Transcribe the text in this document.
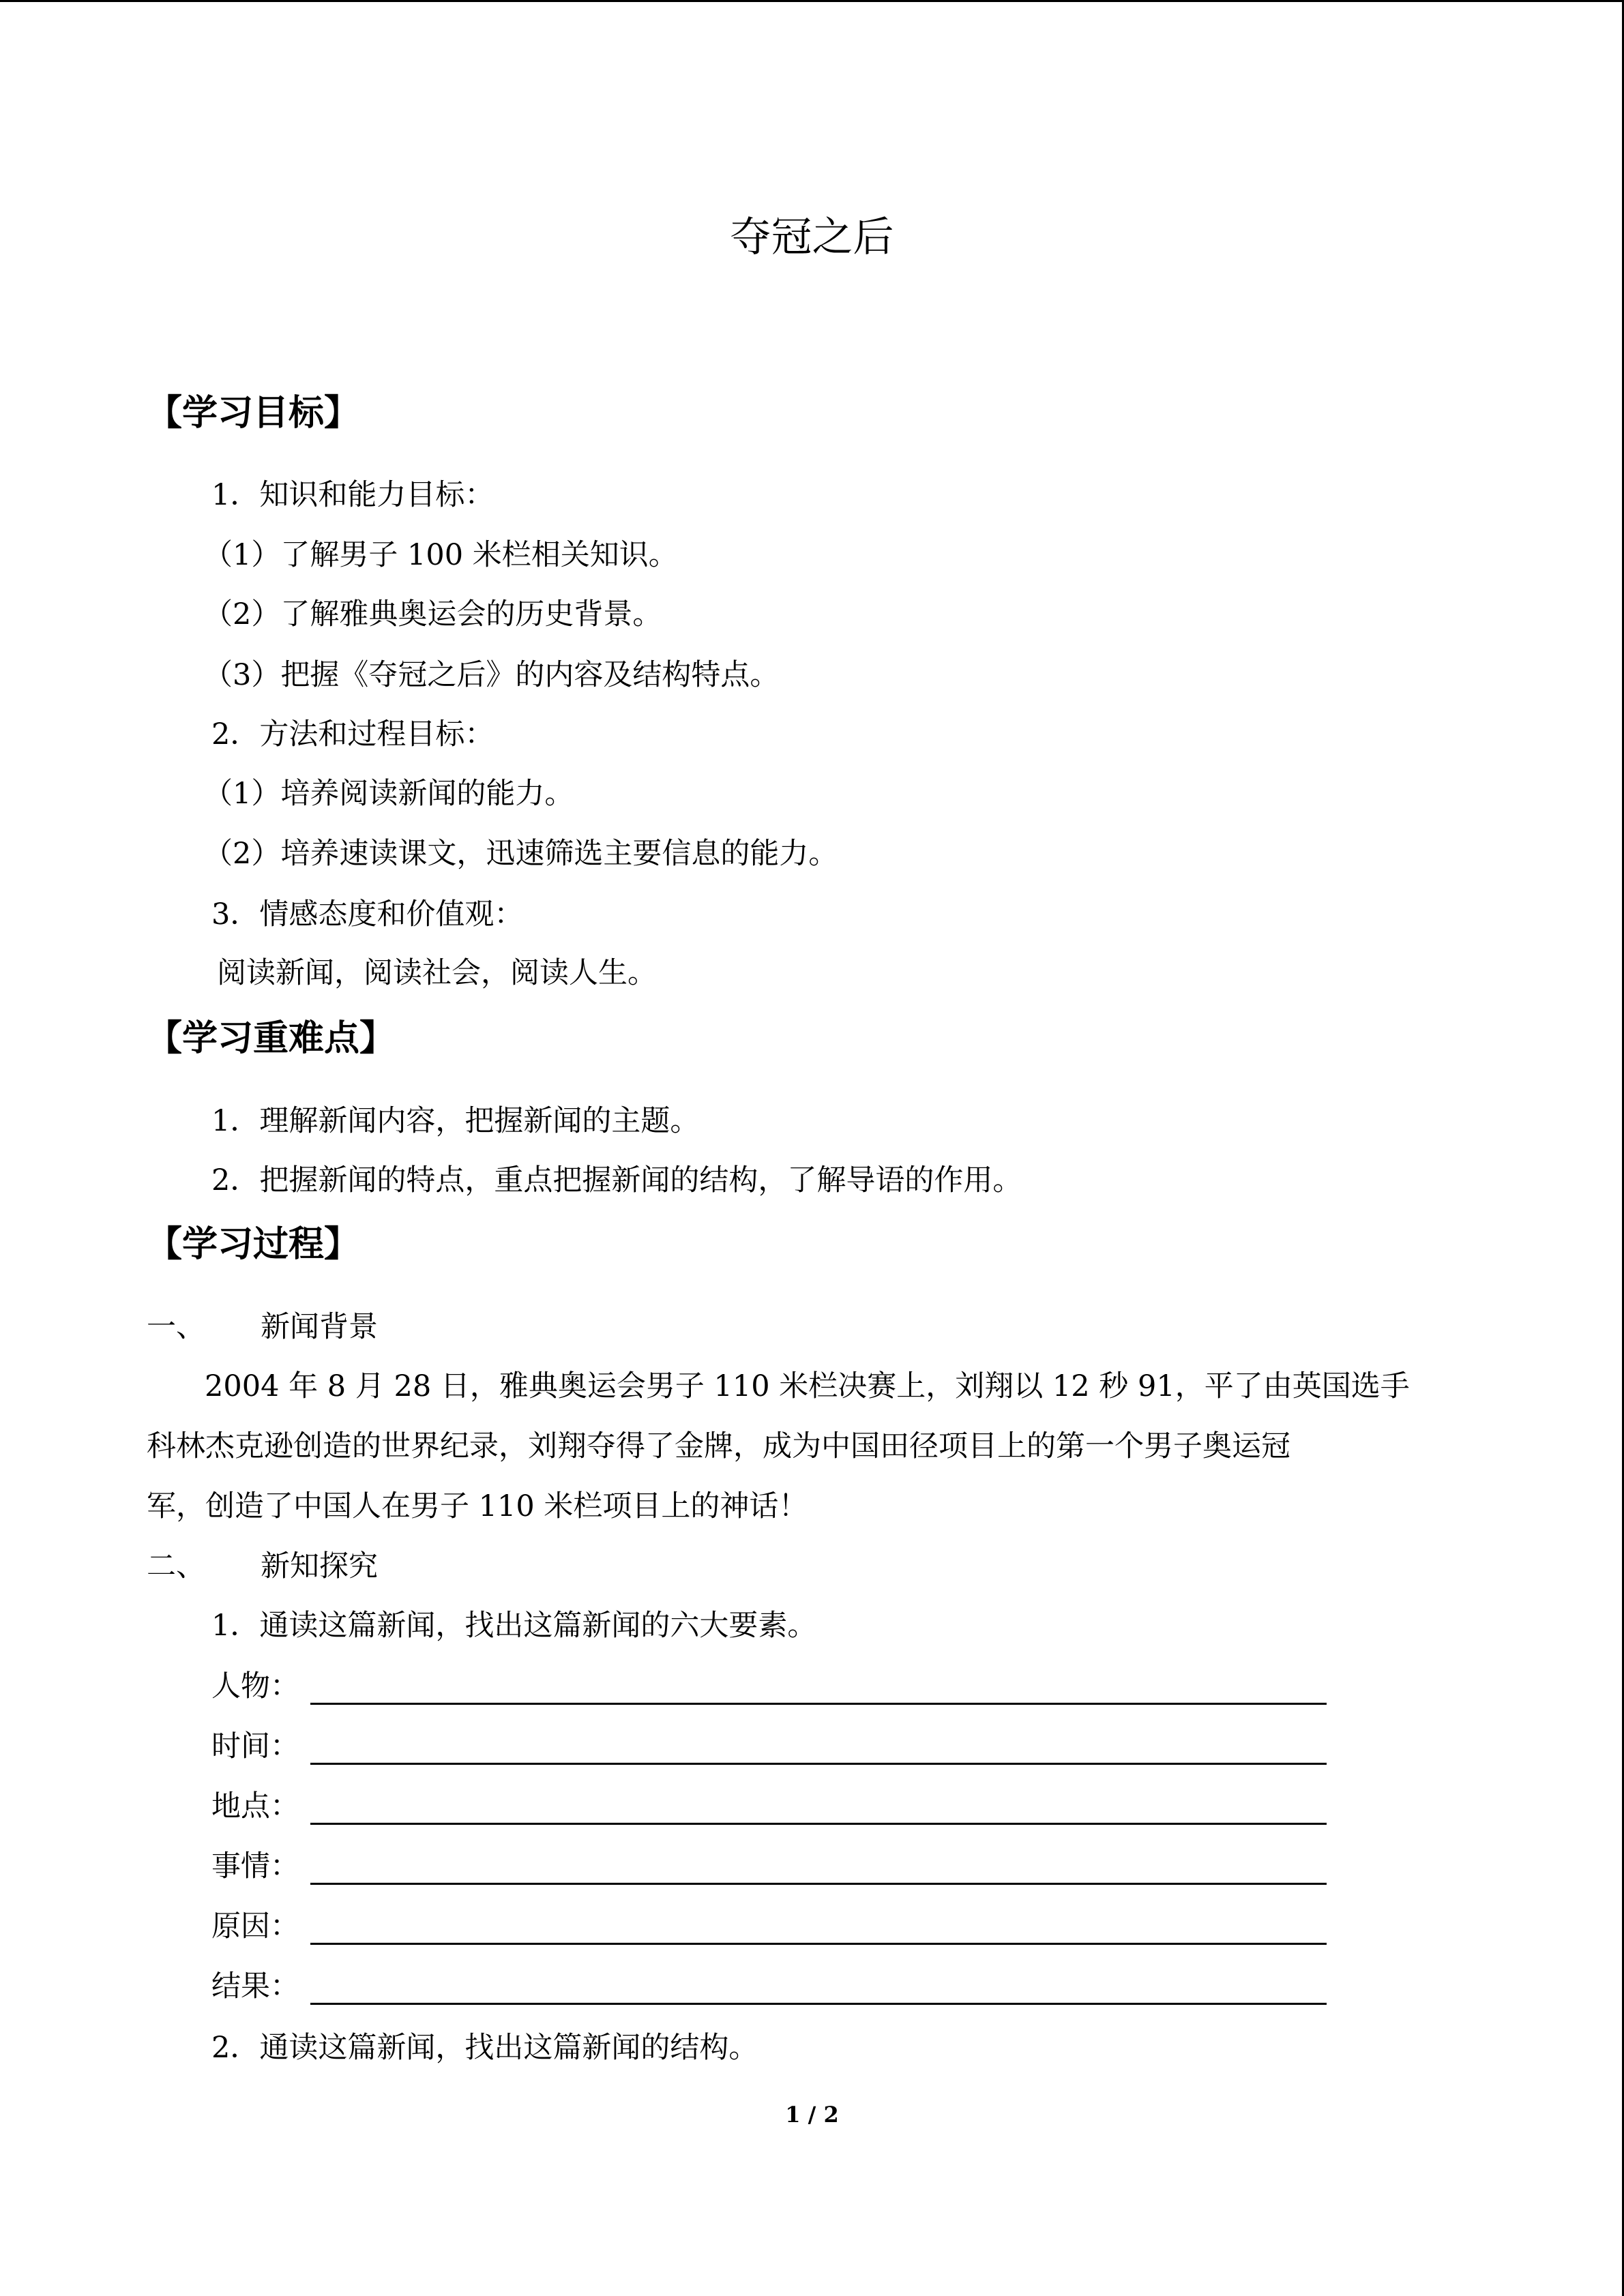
夺冠之后
【学习目标】
1．知识和能力目标：
（1）了解男子 100 米栏相关知识。
（2）了解雅典奥运会的历史背景。
（3）把握《夺冠之后》的内容及结构特点。
2．方法和过程目标：
（1）培养阅读新闻的能力。
（2）培养速读课文，迅速筛选主要信息的能力。
3．情感态度和价值观：
阅读新闻，阅读社会，阅读人生。
【学习重难点】
1．理解新闻内容，把握新闻的主题。
2．把握新闻的特点，重点把握新闻的结构，了解导语的作用。
【学习过程】
一、 新闻背景
2004 年 8 月 28 日，雅典奥运会男子 110 米栏决赛上，刘翔以 12 秒 91，平了由英国选手
科林杰克逊创造的世界纪录，刘翔夺得了金牌，成为中国田径项目上的第一个男子奥运冠
军，创造了中国人在男子 110 米栏项目上的神话！
二、 新知探究
1．通读这篇新闻，找出这篇新闻的六大要素。
人物：
时间：
地点：
事情：
原因：
结果：
2．通读这篇新闻，找出这篇新闻的结构。
1 / 2
